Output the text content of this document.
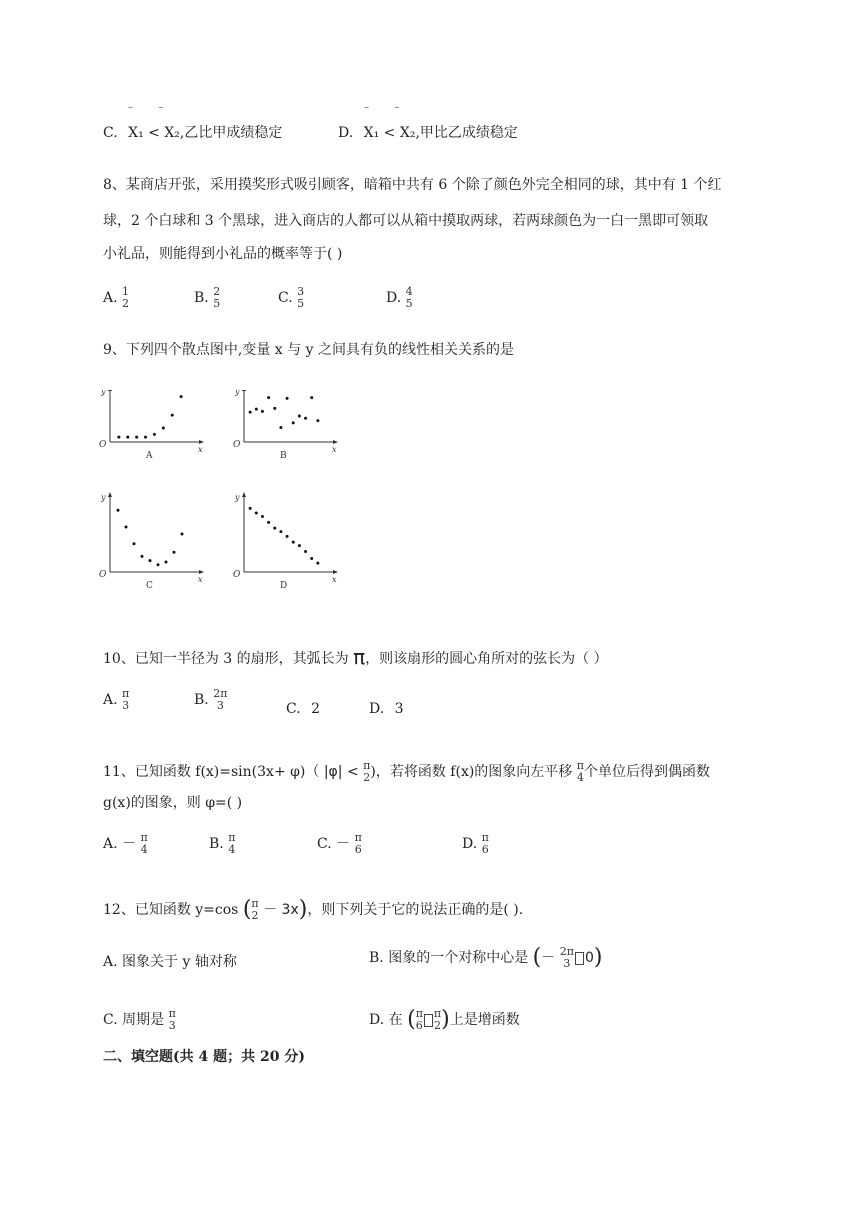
C. X₁ < X₂,乙比甲成绩稳定
–        –
D. X₁ < X₂,甲比乙成绩稳定
–        –
8、某商店开张，采用摸奖形式吸引顾客，暗箱中共有 6 个除了颜色外完全相同的球，其中有 1 个红
球，2 个白球和 3 个黑球，进入商店的人都可以从箱中摸取两球，若两球颜色为一白一黑即可领取
小礼品，则能得到小礼品的概率等于( )
A. 1
2	B. 2
5	C. 3
5	D. 4
5
9、下列四个散点图中,变量 x 与 y 之间具有负的线性相关关系的是
x
y
O
A
x
y
O
B
x
y
O
C
x
y
O
D
10、已知一半径为 3 的扇形，其弧长为 π，则该扇形的圆心角所对的弦长为（ ）
A. π
3	B. 2π
3	C. 2	D. 3
11、已知函数 f(x)=sin(3x+ φ)（ |φ| < π
2 )，若将函数 f(x)的图象向左平移 π
4 个单位后得到偶函数
g(x)的图象，则 φ=( )
A. － π
4	B. π
4	C. － π
6	D. π
6
12、已知函数 y=cos ( π
2 － 3x)，则下列关于它的说法正确的是( ).
A. 图象关于 y 轴对称	B. 图象的一个对称中心是 (－ 2π
3 0)
C. 周期是 π
3	D. 在 ( π
6
π
2 )上是增函数
二、填空题(共 4 题；共 20 分)
